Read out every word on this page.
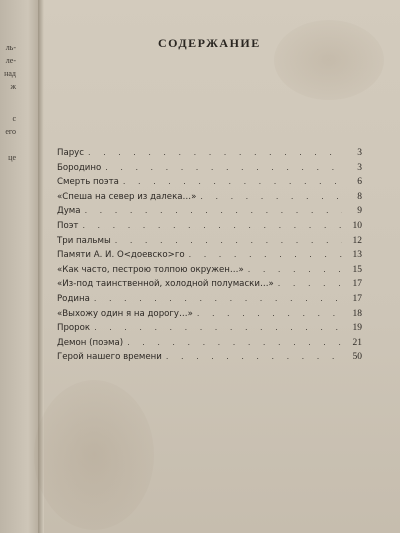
ль-
ле-
над
ж
с
его
це
СОДЕРЖАНИЕ
Парус . . .	3
Бородино . . .	3
Смерть поэта . . .	6
«Спеша на север из далека…» . . .	8
Дума . . .	9
Поэт . . .	10
Три пальмы . . .	12
Памяти А. И. О<доевско>го . . .	13
«Как часто, пестрою толпою окружен…» . . .	15
«Из-под таинственной, холодной полумаски…» . . .	17
Родина . . .	17
«Выхожу один я на дорогу…» . . .	18
Пророк . . .	19
Демон (поэма) . . .	21
Герой нашего времени . . .	50
